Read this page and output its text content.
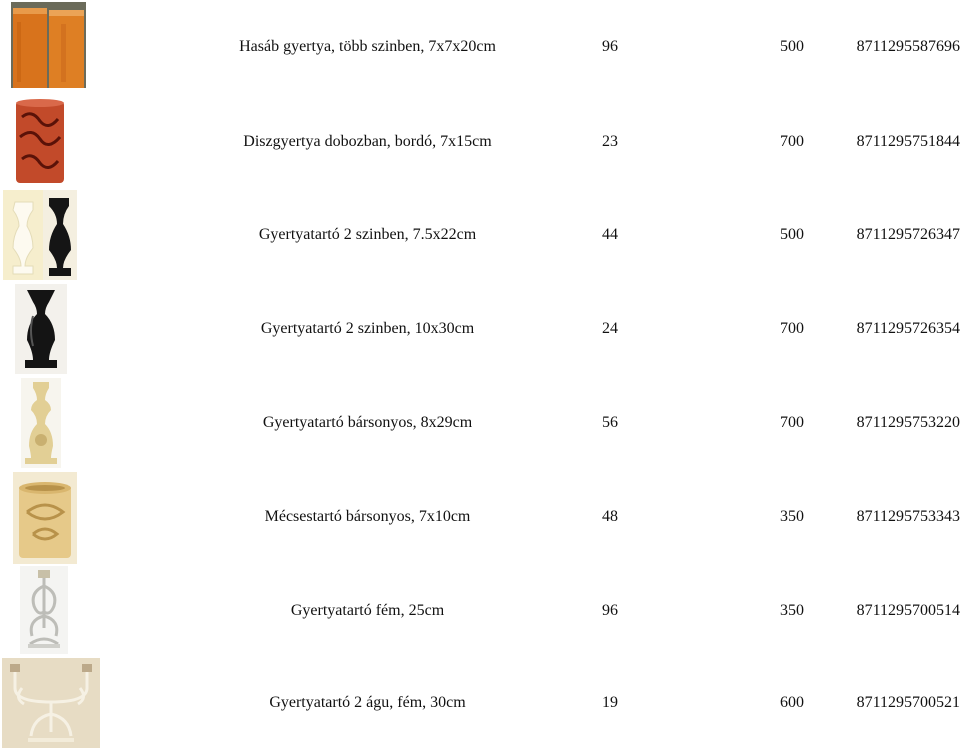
Hasáb gyertya, több szinben, 7x7x20cm	96	500	8711295587696
Diszgyertya dobozban, bordó, 7x15cm	23	700	8711295751844
Gyertyatartó 2 szinben, 7.5x22cm	44	500	8711295726347
Gyertyatartó 2 szinben, 10x30cm	24	700	8711295726354
Gyertyatartó bársonyos, 8x29cm	56	700	8711295753220
Mécsestartó bársonyos, 7x10cm	48	350	8711295753343
Gyertyatartó fém, 25cm	96	350	8711295700514
Gyertyatartó 2 águ, fém, 30cm	19	600	8711295700521
